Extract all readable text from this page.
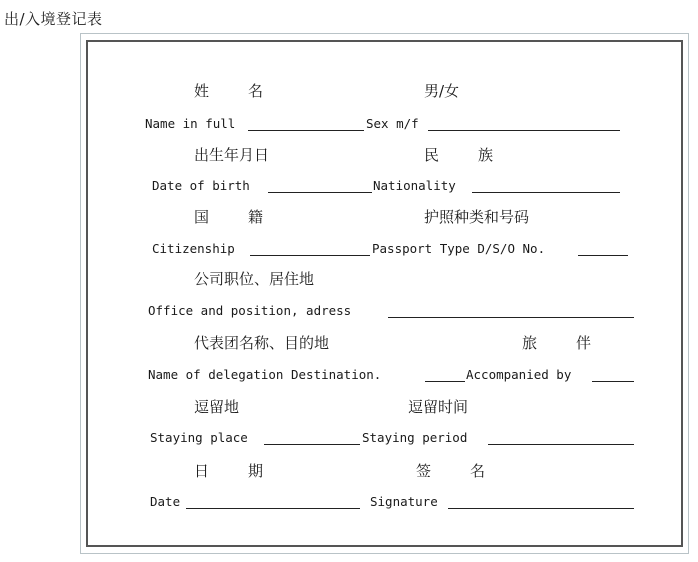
出/入境登记表
姓	名	男/女
Name in full	Sex m/f
出生年月日	民	族
Date of birth	Nationality
国	籍	护照种类和号码
Citizenship	Passport Type D/S/O No.
公司职位、居住地
Office and position, adress
代表团名称、目的地	旅	伴
Name of delegation Destination.	Accompanied by
逗留地	逗留时间
Staying place	Staying period
日	期	签	名
Date	Signature
